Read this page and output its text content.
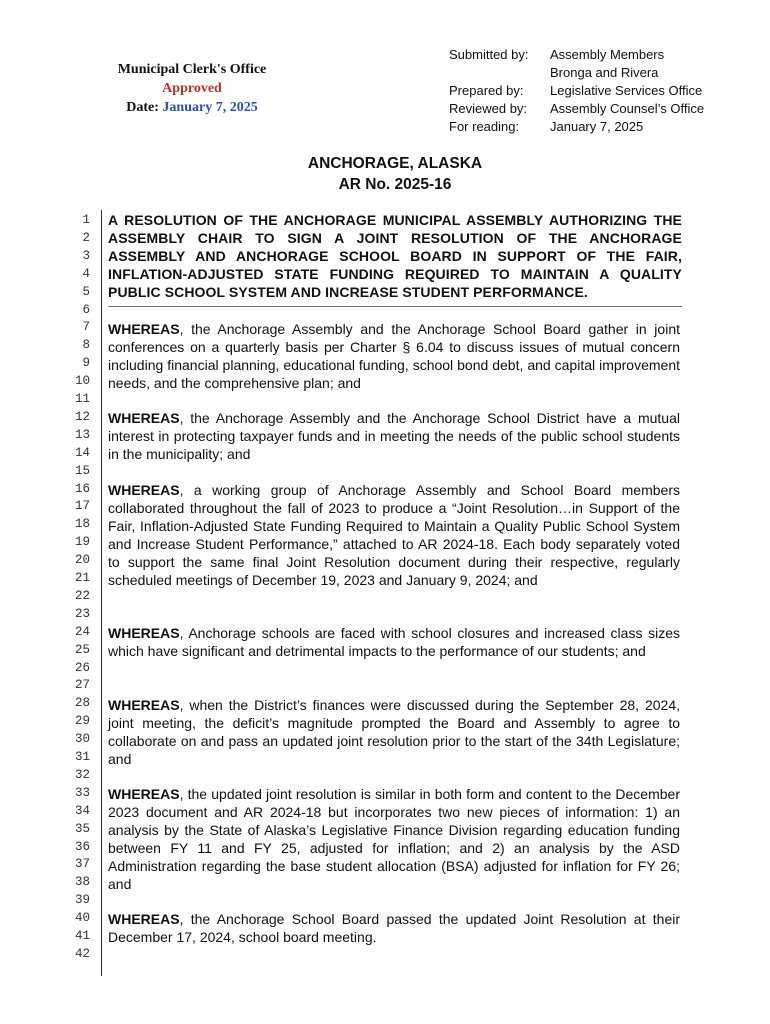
Municipal Clerk's Office
Approved
Date: January 7, 2025
Submitted by:
Prepared by:
Reviewed by:
For reading:
Assembly Members
Bronga and Rivera
Legislative Services Office
Assembly Counsel’s Office
January 7, 2025
ANCHORAGE, ALASKA
AR No. 2025-16
1
2
3
4
5
6
7
8
9
10
11
12
13
14
15
16
17
18
19
20
21
22
23
24
25
26
27
28
29
30
31
32
33
34
35
36
37
38
39
40
41
42
A RESOLUTION OF THE ANCHORAGE MUNICIPAL ASSEMBLY AUTHORIZING THE ASSEMBLY CHAIR TO SIGN A JOINT RESOLUTION OF THE ANCHORAGE ASSEMBLY AND ANCHORAGE SCHOOL BOARD IN SUPPORT OF THE FAIR, INFLATION-ADJUSTED STATE FUNDING REQUIRED TO MAINTAIN A QUALITY PUBLIC SCHOOL SYSTEM AND INCREASE STUDENT PERFORMANCE.
WHEREAS, the Anchorage Assembly and the Anchorage School Board gather in joint conferences on a quarterly basis per Charter § 6.04 to discuss issues of mutual concern including financial planning, educational funding, school bond debt, and capital improvement needs, and the comprehensive plan; and
WHEREAS, the Anchorage Assembly and the Anchorage School District have a mutual interest in protecting taxpayer funds and in meeting the needs of the public school students in the municipality; and
WHEREAS, a working group of Anchorage Assembly and School Board members collaborated throughout the fall of 2023 to produce a “Joint Resolution…in Support of the Fair, Inflation-Adjusted State Funding Required to Maintain a Quality Public School System and Increase Student Performance,” attached to AR 2024-18. Each body separately voted to support the same final Joint Resolution document during their respective, regularly scheduled meetings of December 19, 2023 and January 9, 2024; and
WHEREAS, Anchorage schools are faced with school closures and increased class sizes which have significant and detrimental impacts to the performance of our students; and
WHEREAS, when the District’s finances were discussed during the September 28, 2024, joint meeting, the deficit’s magnitude prompted the Board and Assembly to agree to collaborate on and pass an updated joint resolution prior to the start of the 34th Legislature; and
WHEREAS, the updated joint resolution is similar in both form and content to the December 2023 document and AR 2024-18 but incorporates two new pieces of information: 1) an analysis by the State of Alaska’s Legislative Finance Division regarding education funding between FY 11 and FY 25, adjusted for inflation; and 2) an analysis by the ASD Administration regarding the base student allocation (BSA) adjusted for inflation for FY 26; and
WHEREAS, the Anchorage School Board passed the updated Joint Resolution at their December 17, 2024, school board meeting.
